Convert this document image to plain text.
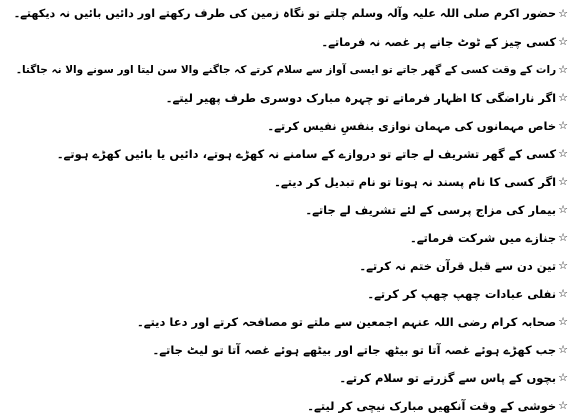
☆
حضور اکرم صلی اللہ علیہ وآلہ وسلم چلتے تو نگاہ زمین کی طرف رکھتے اور دائیں بائیں نہ دیکھتے۔
☆
کسی چیز کے ٹوٹ جانے پر غصہ نہ فرماتے۔
☆
رات کے وقت کسی کے گھر جاتے تو ایسی آواز سے سلام کرتے کہ جاگنے والا سن لیتا اور سونے والا نہ جاگتا۔
☆
اگر ناراضگی کا اظہار فرماتے تو چہرہ مبارک دوسری طرف پھیر لیتے۔
☆
خاص مہمانوں کی مہمان نوازی بنفسِ نفیس کرتے۔
☆
کسی کے گھر تشریف لے جاتے تو دروازے کے سامنے نہ کھڑے ہوتے، دائیں یا بائیں کھڑے ہوتے۔
☆
اگر کسی کا نام پسند نہ ہوتا تو نام تبدیل کر دیتے۔
☆
بیمار کی مزاج پرسی کے لئے تشریف لے جاتے۔
☆
جنازے میں شرکت فرماتے۔
☆
تین دن سے قبل قرآن ختم نہ کرتے۔
☆
نفلی عبادات چھپ چھپ کر کرتے۔
☆
صحابہ کرام رضی اللہ عنہم اجمعین سے ملتے تو مصافحہ کرتے اور دعا دیتے۔
☆
جب کھڑے ہوئے غصہ آتا تو بیٹھ جاتے اور بیٹھے ہوئے غصہ آتا تو لیٹ جاتے۔
☆
بچوں کے پاس سے گزرتے تو سلام کرتے۔
☆
خوشی کے وقت آنکھیں مبارک نیچی کر لیتے۔
